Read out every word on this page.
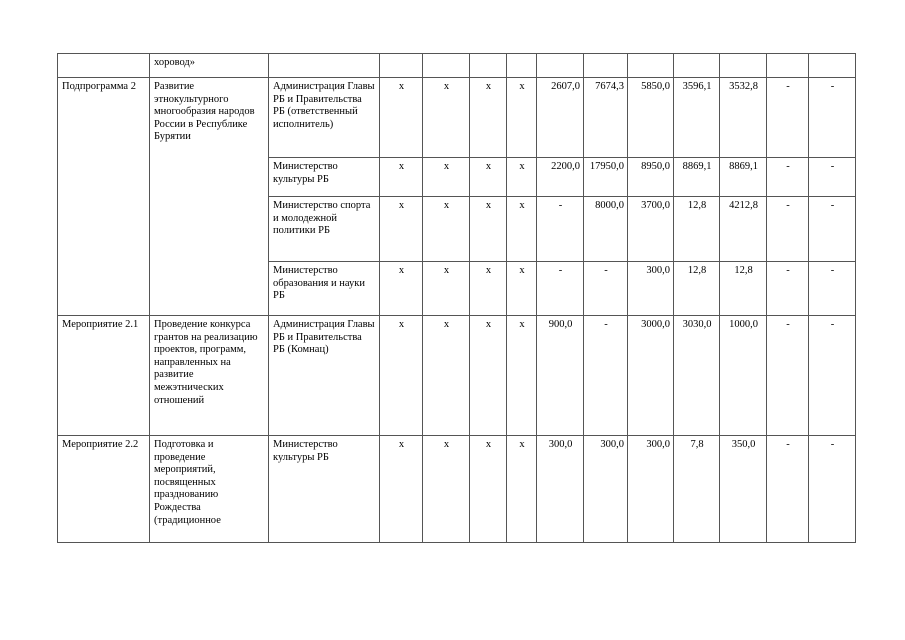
	хоровод»												
Подпрограмма 2	Развитие этнокультурного многообразия народов России в Республике Бурятии	Администрация Главы РБ и Правительства РБ (ответственный исполнитель)	x	x	x	x	2607,0	7674,3	5850,0	3596,1	3532,8	-	-
		Министерство культуры РБ	x	x	x	x	2200,0	17950,0	8950,0	8869,1	8869,1	-	-
		Министерство спорта и молодежной политики РБ	x	x	x	x	-	8000,0	3700,0	12,8	4212,8	-	-
		Министерство образования и науки РБ	x	x	x	x	-	-	300,0	12,8	12,8	-	-
Мероприятие 2.1	Проведение конкурса грантов на реализацию проектов, программ, направленных на развитие межэтнических отношений	Администрация Главы РБ и Правительства РБ (Комнац)	x	x	x	x	900,0	-	3000,0	3030,0	1000,0	-	-
Мероприятие 2.2	Подготовка и проведение мероприятий, посвященных празднованию Рождества (традиционное	Министерство культуры РБ	x	x	x	x	300,0	300,0	300,0	7,8	350,0	-	-
